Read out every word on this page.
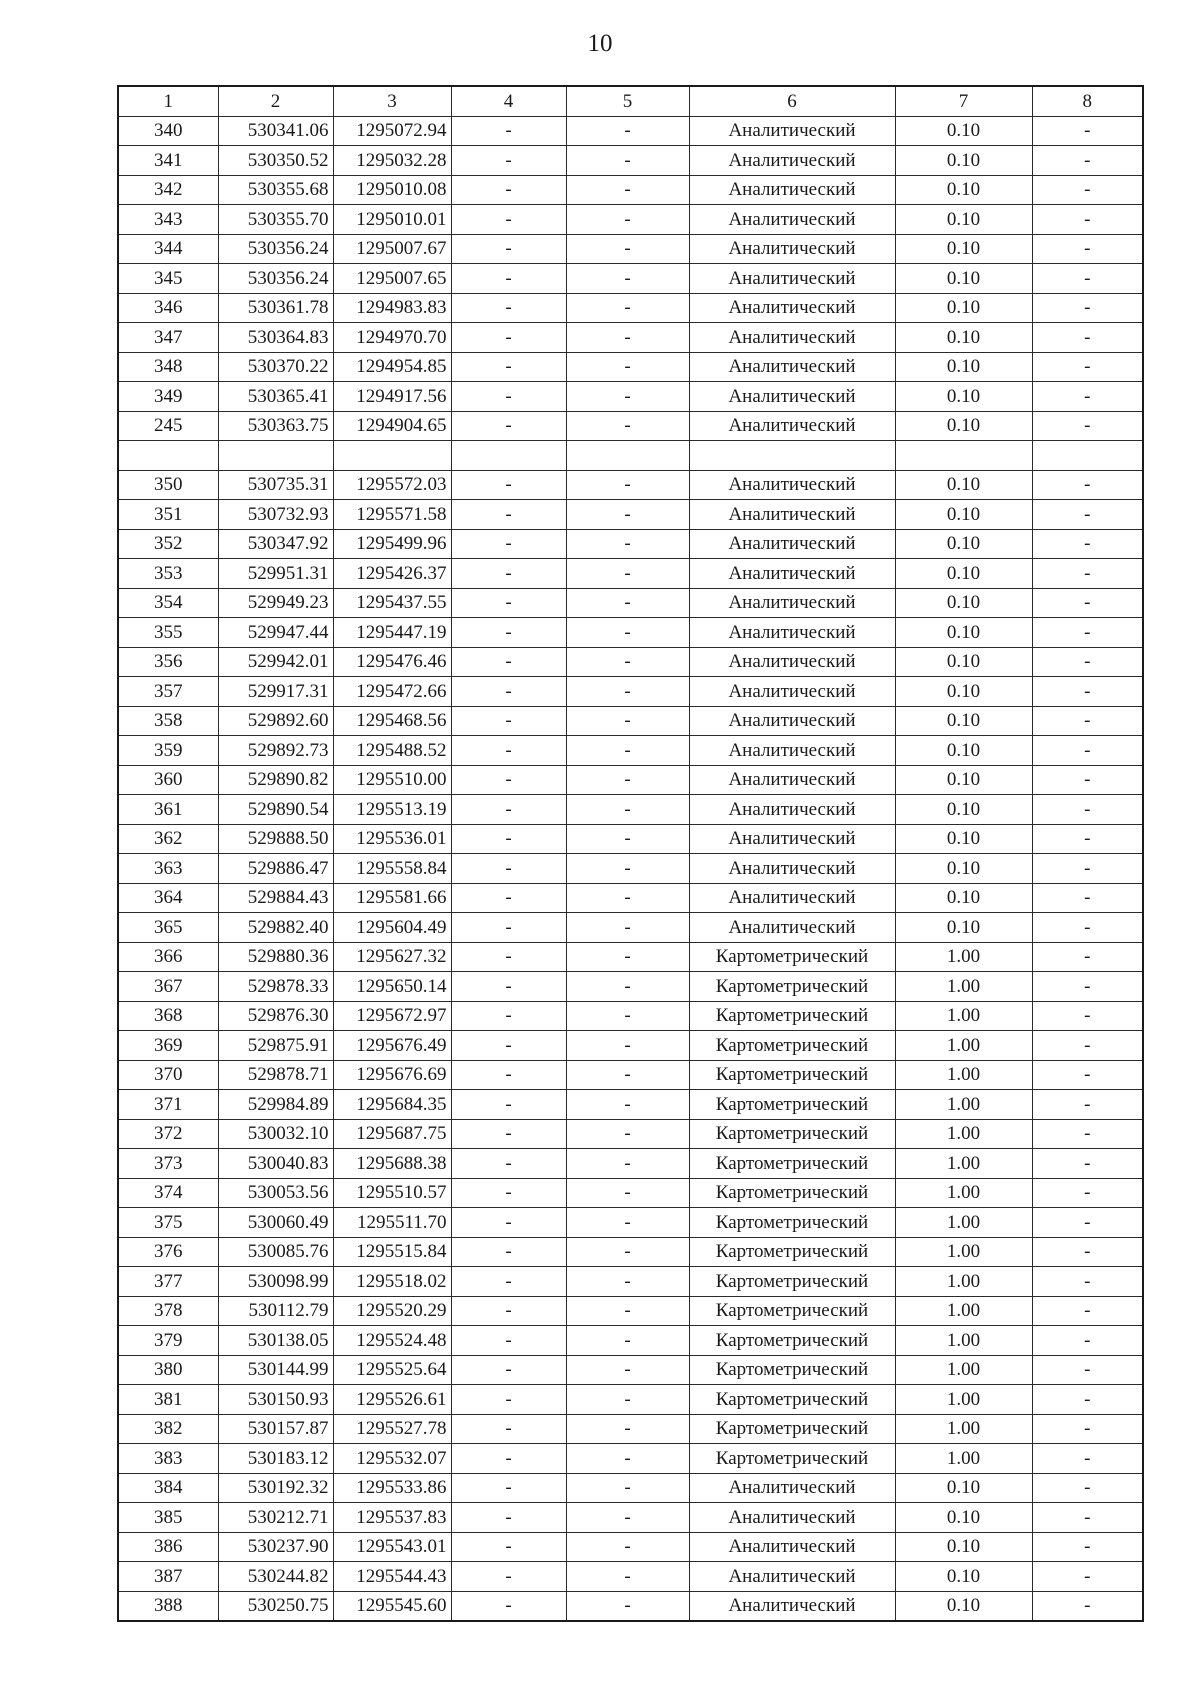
10
1	2	3	4	5	6	7	8
340	530341.06	1295072.94	-	-	Аналитический	0.10	-
341	530350.52	1295032.28	-	-	Аналитический	0.10	-
342	530355.68	1295010.08	-	-	Аналитический	0.10	-
343	530355.70	1295010.01	-	-	Аналитический	0.10	-
344	530356.24	1295007.67	-	-	Аналитический	0.10	-
345	530356.24	1295007.65	-	-	Аналитический	0.10	-
346	530361.78	1294983.83	-	-	Аналитический	0.10	-
347	530364.83	1294970.70	-	-	Аналитический	0.10	-
348	530370.22	1294954.85	-	-	Аналитический	0.10	-
349	530365.41	1294917.56	-	-	Аналитический	0.10	-
245	530363.75	1294904.65	-	-	Аналитический	0.10	-

350	530735.31	1295572.03	-	-	Аналитический	0.10	-
351	530732.93	1295571.58	-	-	Аналитический	0.10	-
352	530347.92	1295499.96	-	-	Аналитический	0.10	-
353	529951.31	1295426.37	-	-	Аналитический	0.10	-
354	529949.23	1295437.55	-	-	Аналитический	0.10	-
355	529947.44	1295447.19	-	-	Аналитический	0.10	-
356	529942.01	1295476.46	-	-	Аналитический	0.10	-
357	529917.31	1295472.66	-	-	Аналитический	0.10	-
358	529892.60	1295468.56	-	-	Аналитический	0.10	-
359	529892.73	1295488.52	-	-	Аналитический	0.10	-
360	529890.82	1295510.00	-	-	Аналитический	0.10	-
361	529890.54	1295513.19	-	-	Аналитический	0.10	-
362	529888.50	1295536.01	-	-	Аналитический	0.10	-
363	529886.47	1295558.84	-	-	Аналитический	0.10	-
364	529884.43	1295581.66	-	-	Аналитический	0.10	-
365	529882.40	1295604.49	-	-	Аналитический	0.10	-
366	529880.36	1295627.32	-	-	Картометрический	1.00	-
367	529878.33	1295650.14	-	-	Картометрический	1.00	-
368	529876.30	1295672.97	-	-	Картометрический	1.00	-
369	529875.91	1295676.49	-	-	Картометрический	1.00	-
370	529878.71	1295676.69	-	-	Картометрический	1.00	-
371	529984.89	1295684.35	-	-	Картометрический	1.00	-
372	530032.10	1295687.75	-	-	Картометрический	1.00	-
373	530040.83	1295688.38	-	-	Картометрический	1.00	-
374	530053.56	1295510.57	-	-	Картометрический	1.00	-
375	530060.49	1295511.70	-	-	Картометрический	1.00	-
376	530085.76	1295515.84	-	-	Картометрический	1.00	-
377	530098.99	1295518.02	-	-	Картометрический	1.00	-
378	530112.79	1295520.29	-	-	Картометрический	1.00	-
379	530138.05	1295524.48	-	-	Картометрический	1.00	-
380	530144.99	1295525.64	-	-	Картометрический	1.00	-
381	530150.93	1295526.61	-	-	Картометрический	1.00	-
382	530157.87	1295527.78	-	-	Картометрический	1.00	-
383	530183.12	1295532.07	-	-	Картометрический	1.00	-
384	530192.32	1295533.86	-	-	Аналитический	0.10	-
385	530212.71	1295537.83	-	-	Аналитический	0.10	-
386	530237.90	1295543.01	-	-	Аналитический	0.10	-
387	530244.82	1295544.43	-	-	Аналитический	0.10	-
388	530250.75	1295545.60	-	-	Аналитический	0.10	-
